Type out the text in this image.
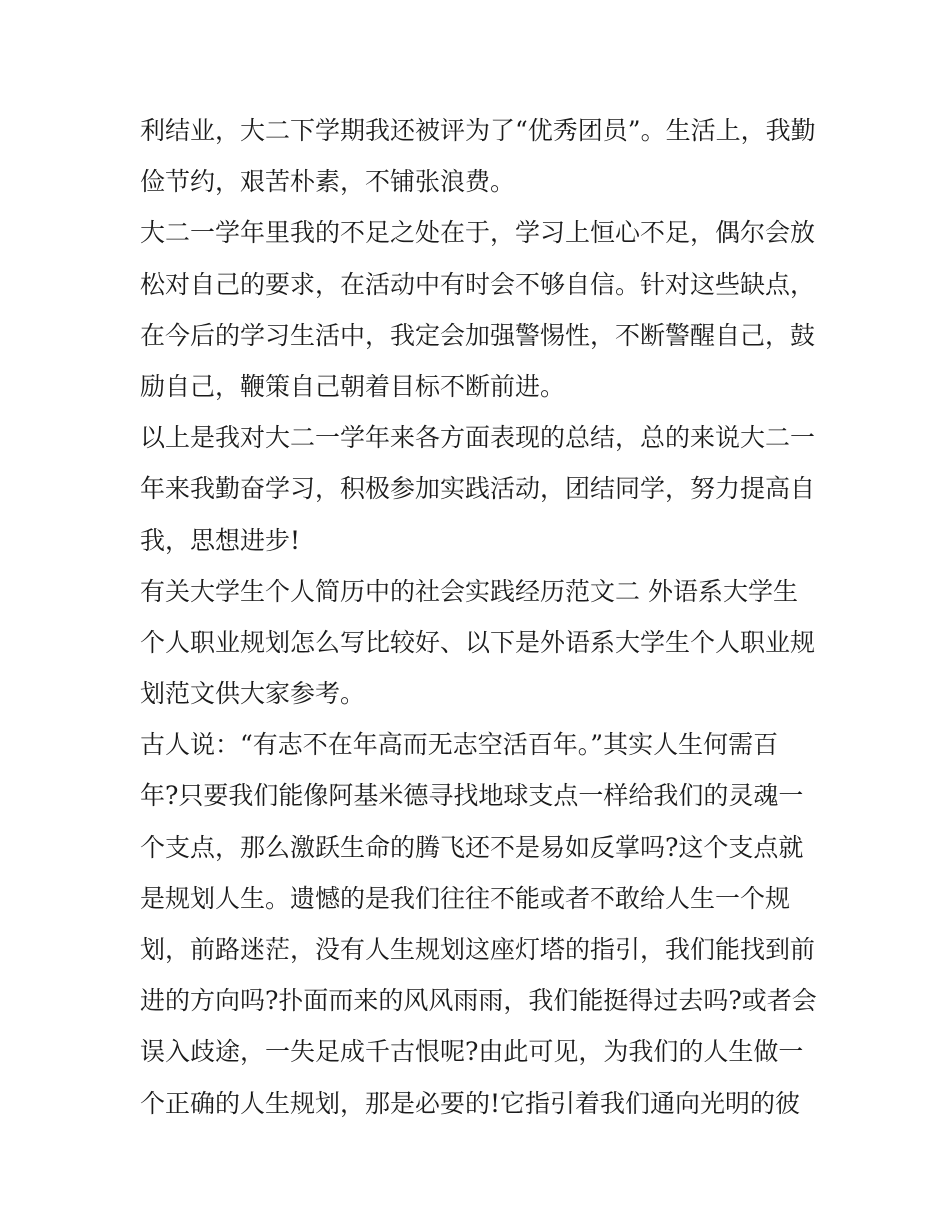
利结业，大二下学期我还被评为了“优秀团员”。生活上，我勤
俭节约，艰苦朴素，不铺张浪费。
大二一学年里我的不足之处在于，学习上恒心不足，偶尔会放
松对自己的要求，在活动中有时会不够自信。针对这些缺点，
在今后的学习生活中，我定会加强警惕性，不断警醒自己，鼓
励自己，鞭策自己朝着目标不断前进。
以上是我对大二一学年来各方面表现的总结，总的来说大二一
年来我勤奋学习，积极参加实践活动，团结同学，努力提高自
我，思想进步!
有关大学生个人简历中的社会实践经历范文二 外语系大学生
个人职业规划怎么写比较好、以下是外语系大学生个人职业规
划范文供大家参考。
古人说：“有志不在年高而无志空活百年。”其实人生何需百
年?只要我们能像阿基米德寻找地球支点一样给我们的灵魂一
个支点，那么激跃生命的腾飞还不是易如反掌吗?这个支点就
是规划人生。遗憾的是我们往往不能或者不敢给人生一个规
划，前路迷茫，没有人生规划这座灯塔的指引，我们能找到前
进的方向吗?扑面而来的风风雨雨，我们能挺得过去吗?或者会
误入歧途，一失足成千古恨呢?由此可见，为我们的人生做一
个正确的人生规划，那是必要的!它指引着我们通向光明的彼
